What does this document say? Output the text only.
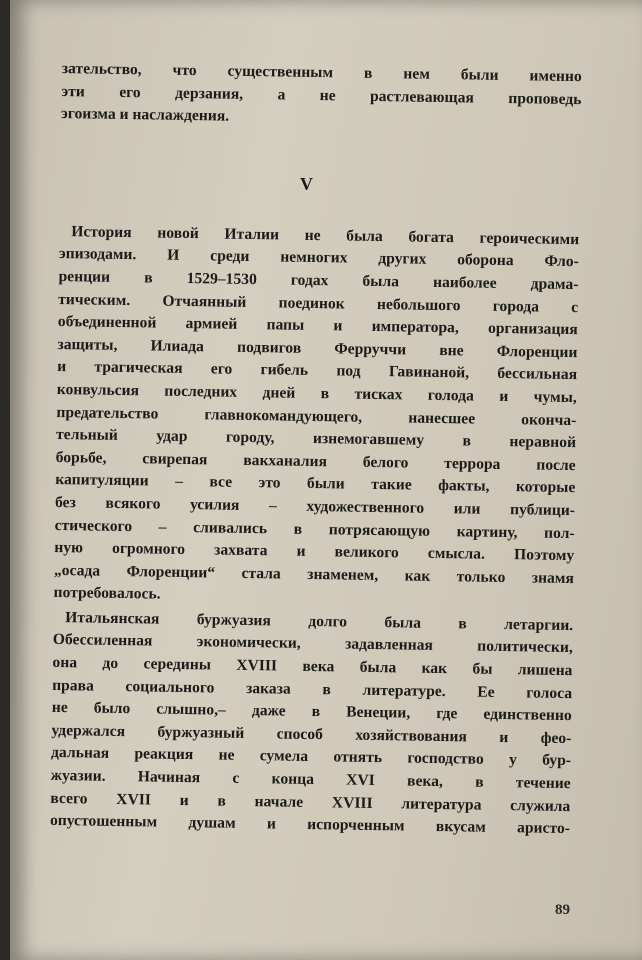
зательство, что существенным в нем были именно
эти его дерзания, а не растлевающая проповедь
эгоизма и наслаждения.
История новой Италии не была богата героическими
эпизодами. И среди немногих других оборона Фло-
ренции в 1529–1530 годах была наиболее драма-
тическим. Отчаянный поединок небольшого города с
объединенной армией папы и императора, организация
защиты, Илиада подвигов Ферруччи вне Флоренции
и трагическая его гибель под Гавинаной, бессильная
конвульсия последних дней в тисках голода и чумы,
предательство главнокомандующего, нанесшее оконча-
тельный удар городу, изнемогавшему в неравной
борьбе, свирепая вакханалия белого террора после
капитуляции – все это были такие факты, которые
без всякого усилия – художественного или публици-
стического – сливались в потрясающую картину, пол-
ную огромного захвата и великого смысла. Поэтому
„осада Флоренции“ стала знаменем, как только знамя
потребовалось.
Итальянская буржуазия долго была в летаргии.
Обессиленная экономически, задавленная политически,
она до середины XVIII века была как бы лишена
права социального заказа в литературе. Ее голоса
не было слышно,– даже в Венеции, где единственно
удержался буржуазный способ хозяйствования и фео-
дальная реакция не сумела отнять господство у бур-
жуазии. Начиная с конца XVI века, в течение
всего XVII и в начале XVIII литература служила
опустошенным душам и испорченным вкусам аристо-
V
89
